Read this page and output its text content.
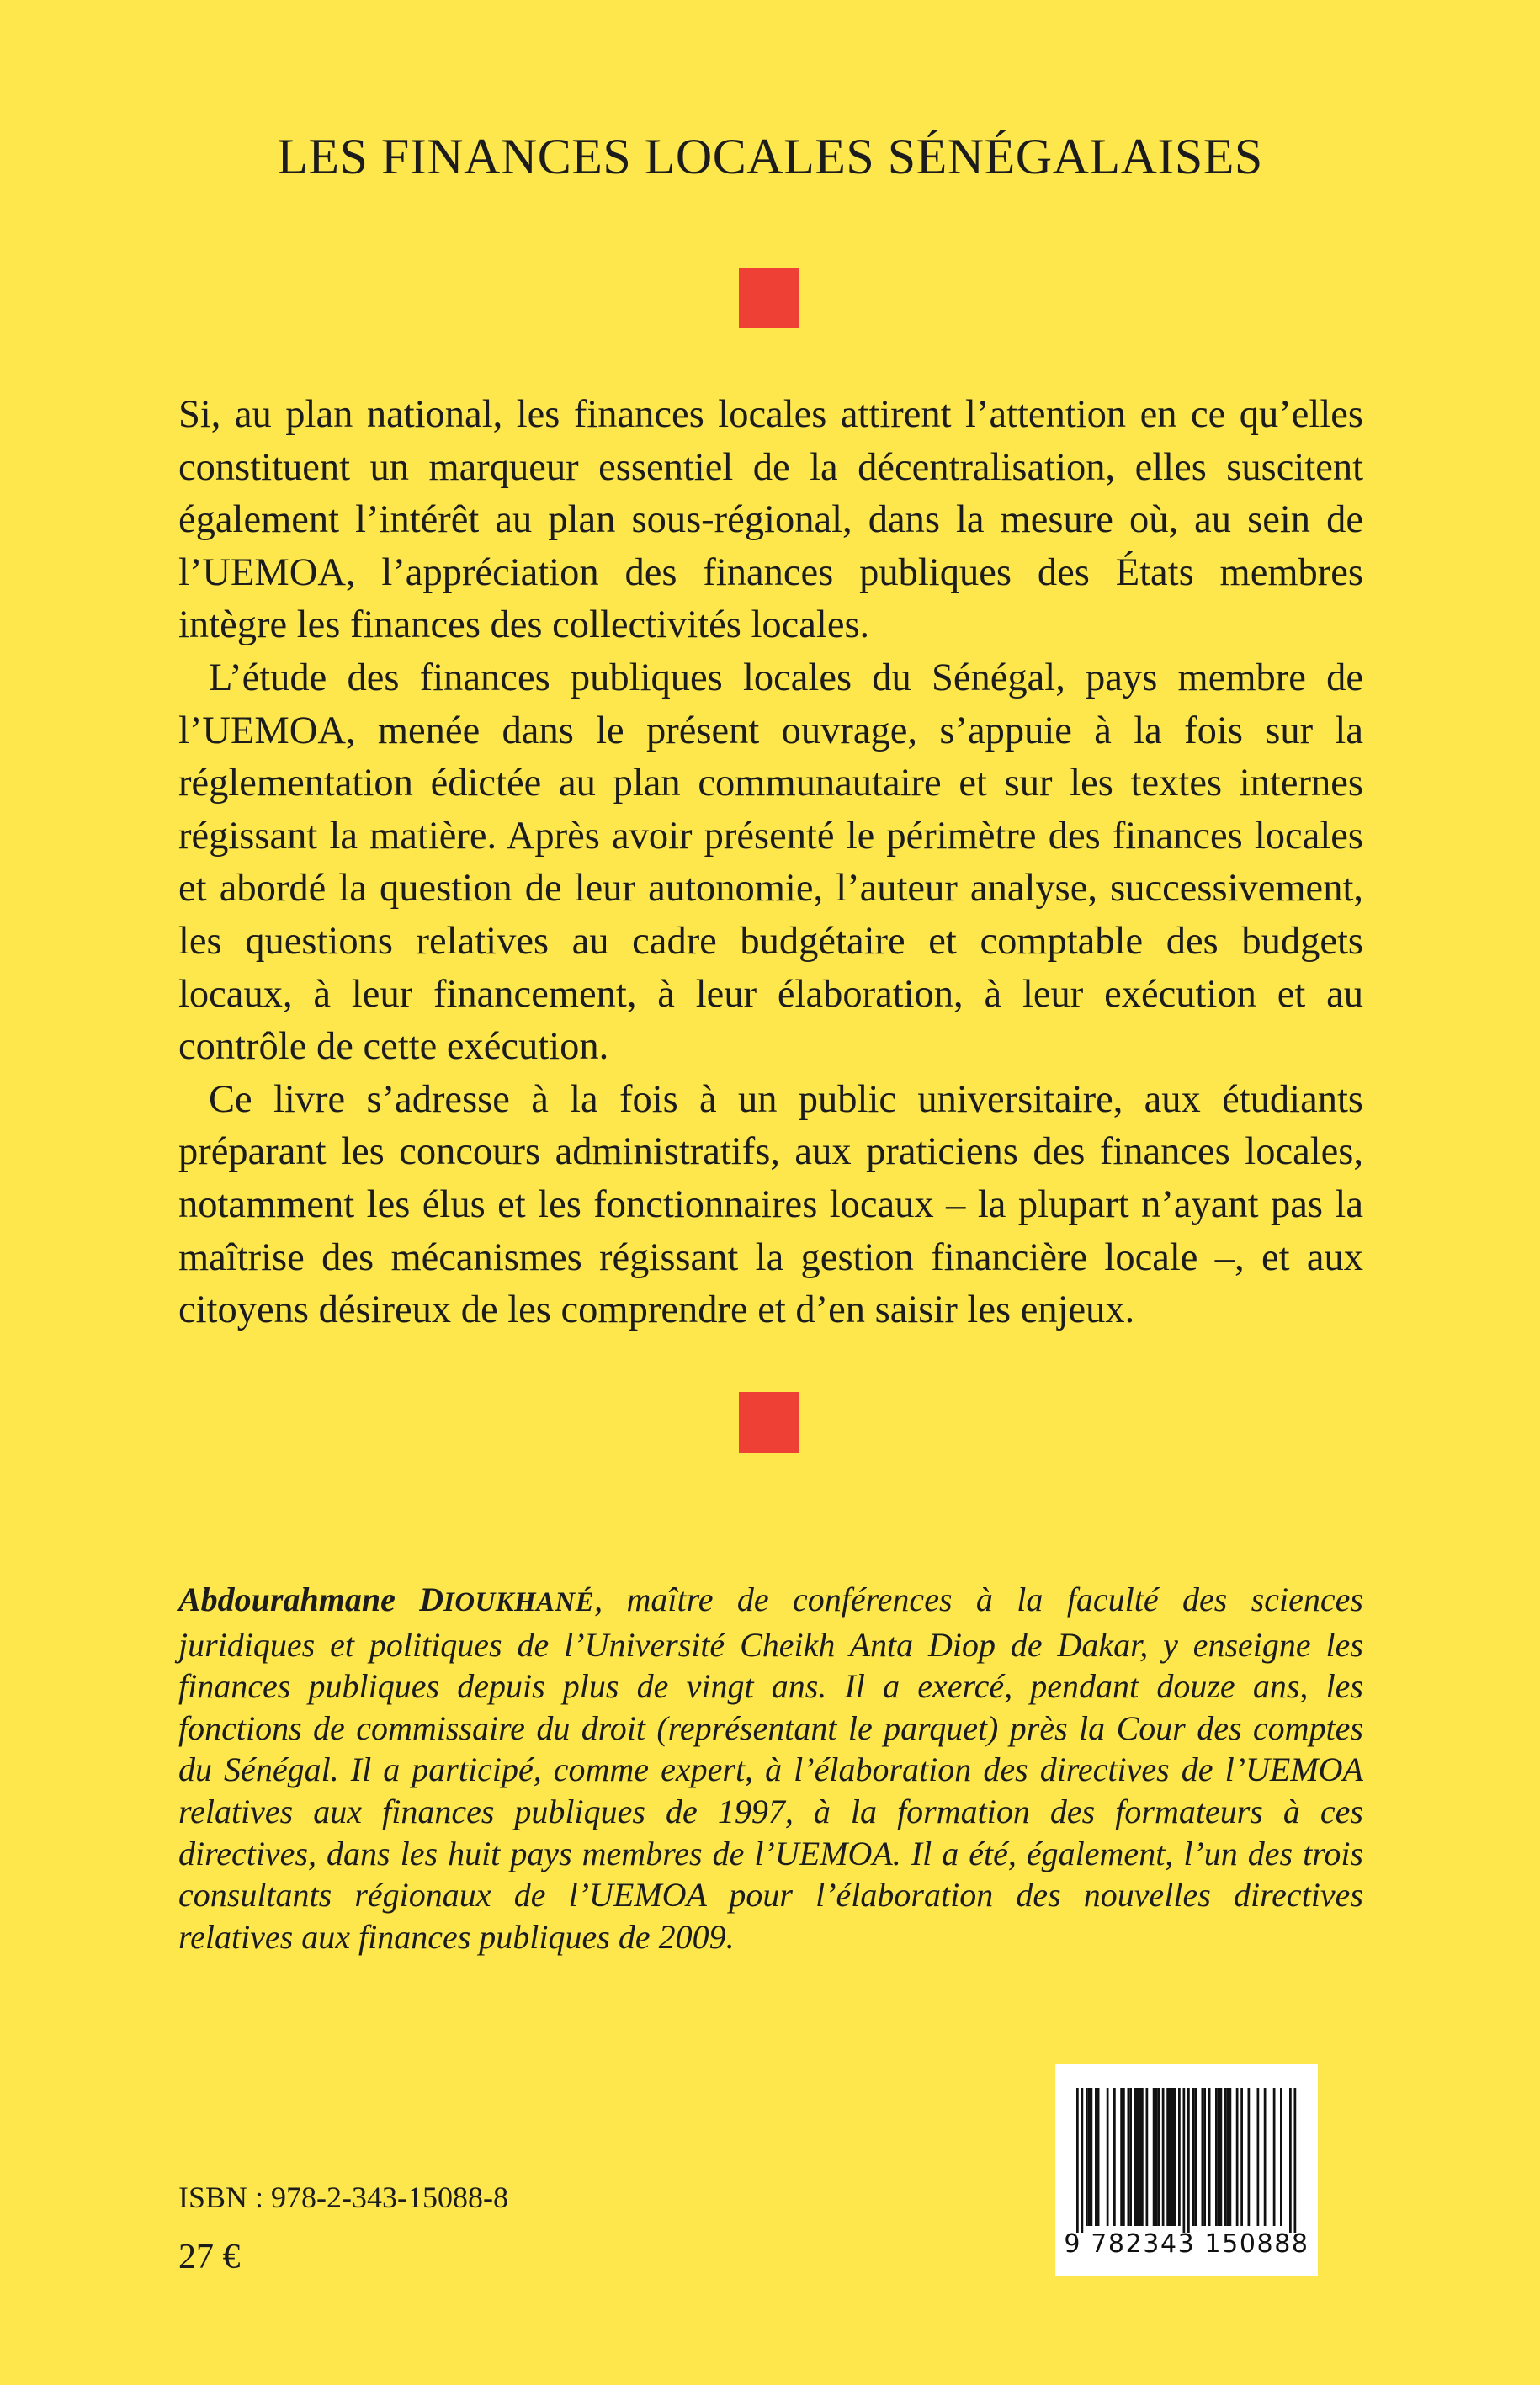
LES FINANCES LOCALES SÉNÉGALAISES

Si, au plan national, les finances locales attirent l’attention en ce qu’elles constituent un marqueur essentiel de la décentralisation, elles suscitent également l’intérêt au plan sous-régional, dans la mesure où, au sein de l’UEMOA, l’appréciation des finances publiques des États membres intègre les finances des collectivités locales.

L’étude des finances publiques locales du Sénégal, pays membre de l’UEMOA, menée dans le présent ouvrage, s’appuie à la fois sur la réglementation édictée au plan communautaire et sur les textes internes régissant la matière. Après avoir présenté le périmètre des finances locales et abordé la question de leur autonomie, l’auteur analyse, successivement, les questions relatives au cadre budgétaire et comptable des budgets locaux, à leur financement, à leur élaboration, à leur exécution et au contrôle de cette exécution.

Ce livre s’adresse à la fois à un public universitaire, aux étudiants préparant les concours administratifs, aux praticiens des finances locales, notamment les élus et les fonctionnaires locaux – la plupart n’ayant pas la maîtrise des mécanismes régissant la gestion financière locale –, et aux citoyens désireux de les comprendre et d’en saisir les enjeux.

Abdourahmane DIOUKHANÉ, maître de conférences à la faculté des sciences juridiques et politiques de l’Université Cheikh Anta Diop de Dakar, y enseigne les finances publiques depuis plus de vingt ans. Il a exercé, pendant douze ans, les fonctions de commissaire du droit (représentant le parquet) près la Cour des comptes du Sénégal. Il a participé, comme expert, à l’élaboration des directives de l’UEMOA relatives aux finances publiques de 1997, à la formation des formateurs à ces directives, dans les huit pays membres de l’UEMOA. Il a été, également, l’un des trois consultants régionaux de l’UEMOA pour l’élaboration des nouvelles directives relatives aux finances publiques de 2009.
ISBN : 978-2-343-15088-8
27 €	9 782343 150888
